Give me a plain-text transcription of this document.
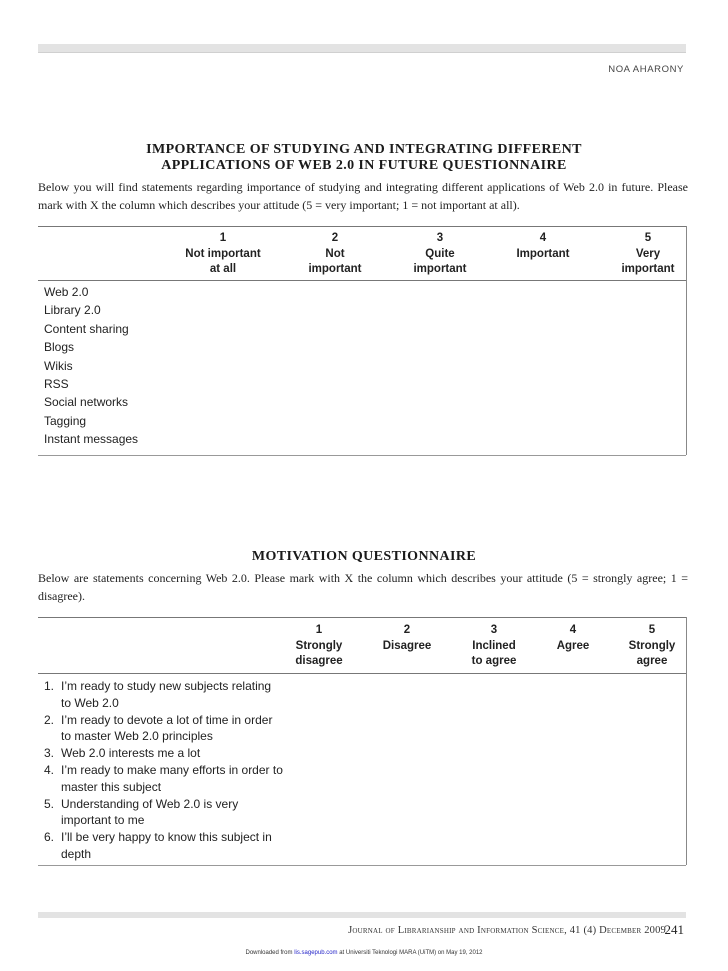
NOA AHARONY
IMPORTANCE OF STUDYING AND INTEGRATING DIFFERENT
APPLICATIONS OF WEB 2.0 IN FUTURE QUESTIONNAIRE
Below you will find statements regarding importance of studying and integrating different applications of Web 2.0 in future. Please mark with X the column which describes your attitude (5 = very important; 1 = not important at all).
1
Not important
at all
2
Not
important
3
Quite
important
4
Important
5
Very
important
Web 2.0
Library 2.0
Content sharing
Blogs
Wikis
RSS
Social networks
Tagging
Instant messages
MOTIVATION QUESTIONNAIRE
Below are statements concerning Web 2.0. Please mark with X the column which describes your attitude (5 = strongly agree; 1 = disagree).
1
Strongly
disagree
2
Disagree
3
Inclined
to agree
4
Agree
5
Strongly
agree
1. I’m ready to study new subjects relating to Web 2.0
2. I’m ready to devote a lot of time in order to master Web 2.0 principles
3. Web 2.0 interests me a lot
4. I’m ready to make many efforts in order to master this subject
5. Understanding of Web 2.0 is very important to me
6. I’ll be very happy to know this subject in depth
Journal of Librarianship and Information Science, 41 (4) December 2009
241
Downloaded from lis.sagepub.com at Universiti Teknologi MARA (UiTM) on May 19, 2012
